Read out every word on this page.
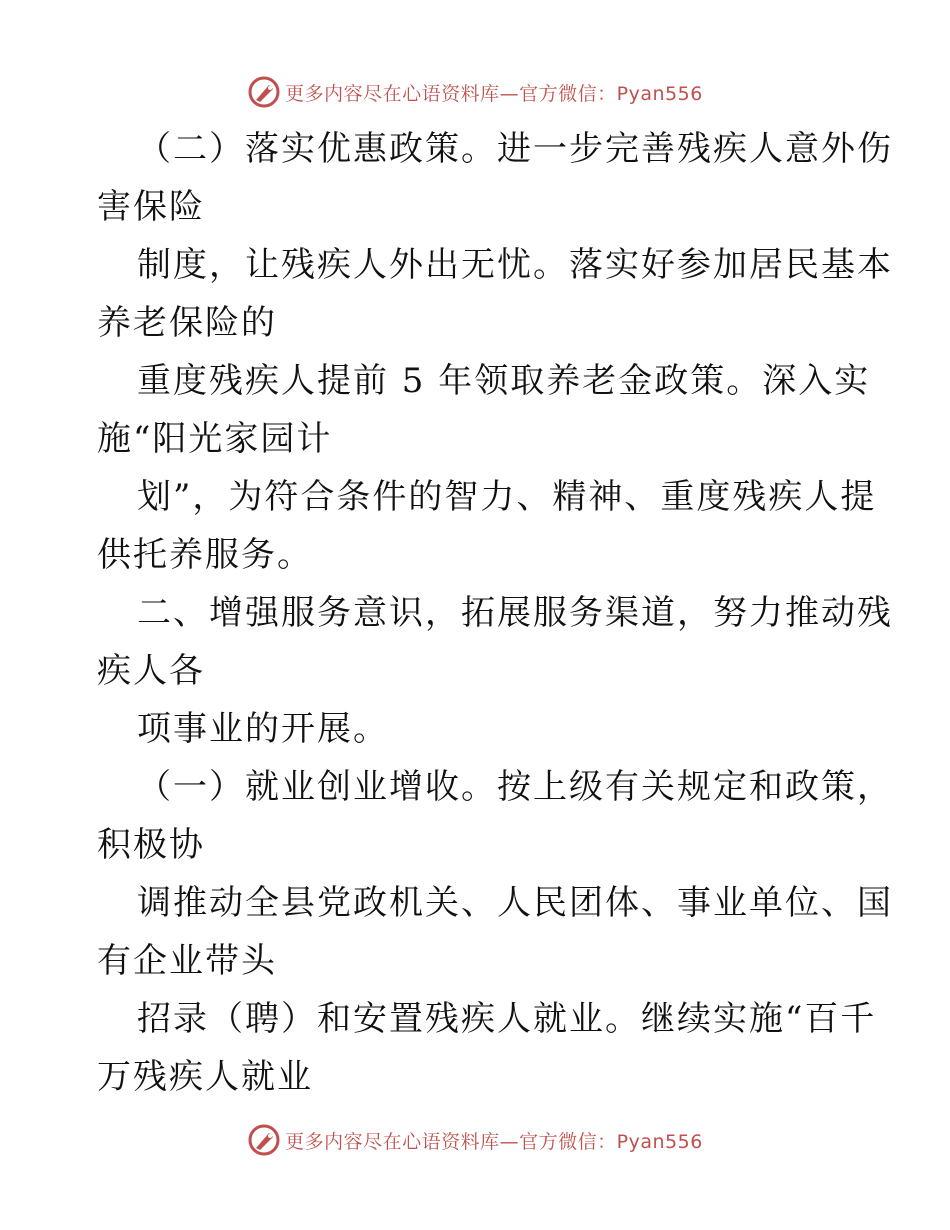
更多内容尽在心语资料库—官方微信：Pyan556
（二）落实优惠政策。进一步完善残疾人意外伤
害保险
制度，让残疾人外出无忧。落实好参加居民基本
养老保险的
重度残疾人提前 5 年领取养老金政策。深入实
施“阳光家园计
划”，为符合条件的智力、精神、重度残疾人提
供托养服务。
二、增强服务意识，拓展服务渠道，努力推动残
疾人各
项事业的开展。
（一）就业创业增收。按上级有关规定和政策，
积极协
调推动全县党政机关、人民团体、事业单位、国
有企业带头
招录（聘）和安置残疾人就业。继续实施“百千
万残疾人就业
更多内容尽在心语资料库—官方微信：Pyan556
